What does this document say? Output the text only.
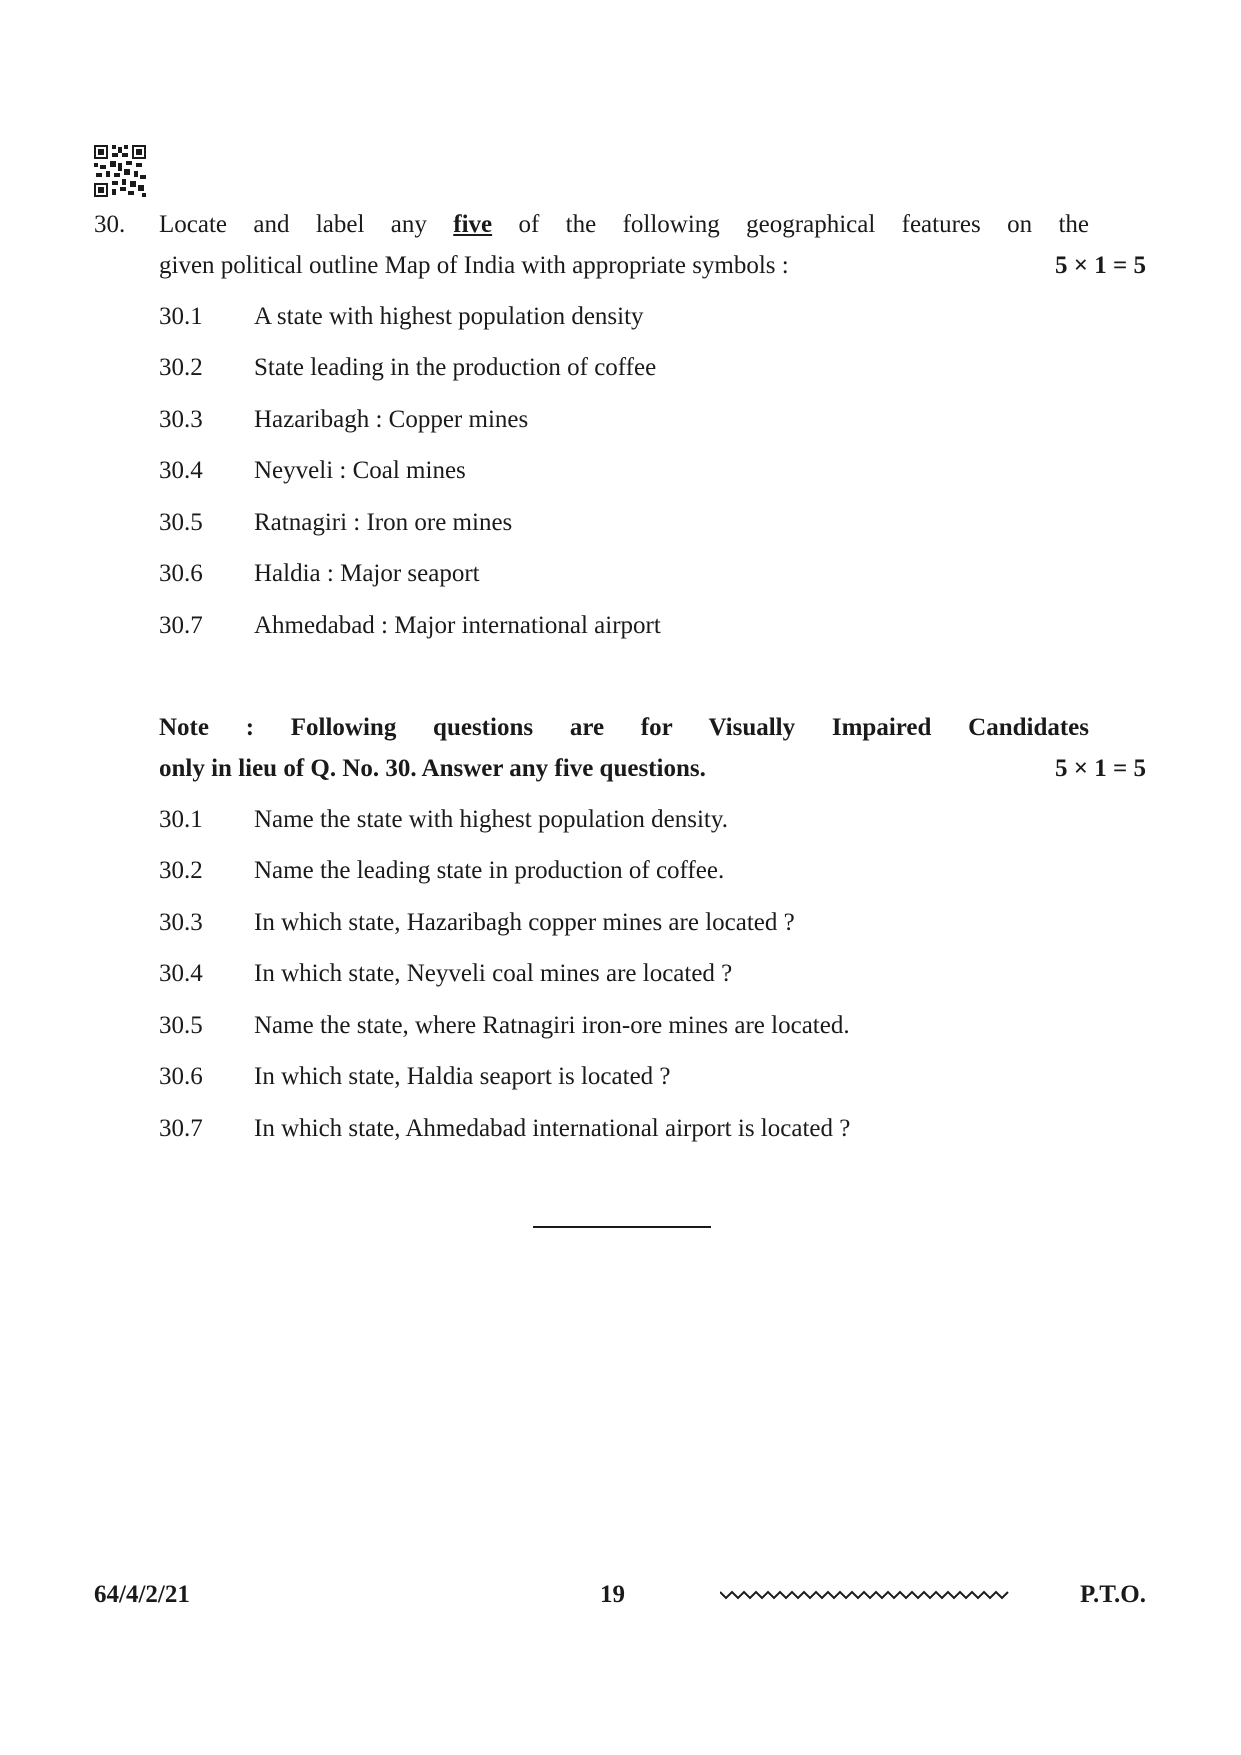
30. Locate and label any five of the following geographical features on the
given political outline Map of India with appropriate symbols :	5 × 1 = 5
30.1 A state with highest population density
30.2 State leading in the production of coffee
30.3 Hazaribagh : Copper mines
30.4 Neyveli : Coal mines
30.5 Ratnagiri : Iron ore mines
30.6 Haldia : Major seaport
30.7 Ahmedabad : Major international airport
Note : Following questions are for Visually Impaired Candidates
only in lieu of Q. No. 30. Answer any five questions.	5 × 1 = 5
30.1 Name the state with highest population density.
30.2 Name the leading state in production of coffee.
30.3 In which state, Hazaribagh copper mines are located ?
30.4 In which state, Neyveli coal mines are located ?
30.5 Name the state, where Ratnagiri iron-ore mines are located.
30.6 In which state, Haldia seaport is located ?
30.7 In which state, Ahmedabad international airport is located ?
64/4/2/21	19	P.T.O.
